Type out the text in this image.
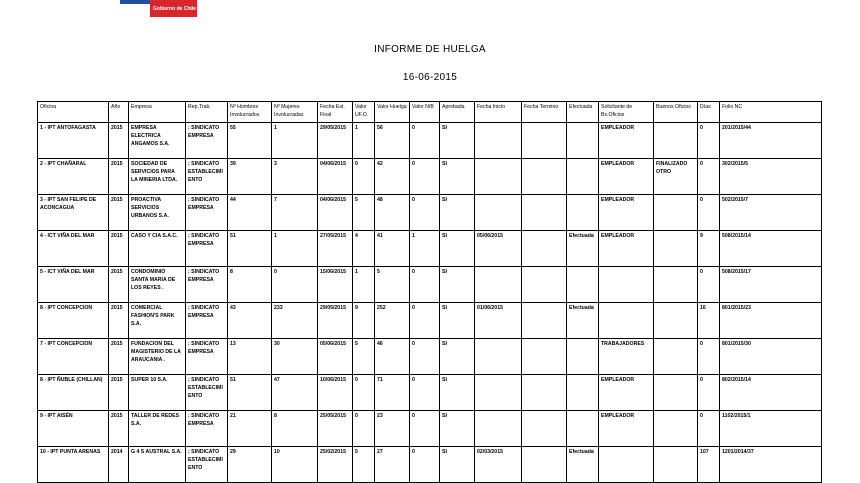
Gobierno de Chile
INFORME DE HUELGA
16-06-2015
Oficina	Año	Empresa	Rep.Trab.	Nº Hombres Involucrados	Nº Mujeres Involucradas	Fecha Est. Final	Valor UF.O.	Valor Huelga	Valor N/B	Aprobada	Fecha Inicio	Fecha Termino	Efectuada	Solicitante de Bs.Oficios	Buenos Oficios	Días	Folio NC
1 - IPT ANTOFAGASTA	2015	EMPRESA ELECTRICA ANGAMOS S.A.	; SINDICATO EMPRESA	55	1	29/05/2015	1	56	0	SI				EMPLEADOR		0	201/2015/44
2 - IPT CHAÑARAL	2015	SOCIEDAD DE SERVICIOS PARA LA MINERIA LTDA.	; SINDICATO ESTABLECIMIENTO	39	3	04/06/2015	0	42	0	SI				EMPLEADOR	FINALIZADO OTRO	0	302/2015/5
3 - IPT SAN FELIPE DE ACONCAGUA	2015	PROACTIVA SERVICIOS URBANOS S.A.	; SINDICATO EMPRESA	44	7	04/06/2015	5	48	0	SI				EMPLEADOR		0	502/2015/7
4 - ICT VIÑA DEL MAR	2015	CASO Y CIA S.A.C.	; SINDICATO EMPRESA	51	1	27/05/2015	4	41	1	SI	05/06/2015		Efectuada	EMPLEADOR		9	508/2015/14
5 - ICT VIÑA DEL MAR	2015	CONDOMINIO SANTA MARIA DE LOS REYES .	; SINDICATO EMPRESA	8	0	15/06/2015	1	5	0	SI						0	508/2015/17
8 - IPT CONCEPCION	2015	COMERCIAL FASHION'S PARK S.A.	; SINDICATO EMPRESA	43	233	29/05/2015	9	252	0	SI	01/06/2015		Efectuada			16	801/2015/23
7 - IPT CONCEPCION	2015	FUNDACION DEL MAGISTERIO DE LA ARAUCANIA .	; SINDICATO EMPRESA	13	30	05/06/2015	5	46	0	SI				TRABAJADORES		0	801/2015/30
8 - IPT ÑUBLE (CHILLAN)	2015	SUPER 10 S.A.	; SINDICATO ESTABLECIMIENTO	51	47	10/06/2015	0	71	0	SI				EMPLEADOR		0	802/2015/14
9 - IPT AISÉN	2015	TALLER DE REDES S.A.	; SINDICATO EMPRESA	21	8	25/05/2015	0	23	0	SI				EMPLEADOR		0	1102/2015/1
10 - IPT PUNTA ARENAS	2014	G 4 S AUSTRAL S.A.	; SINDICATO ESTABLECIMIENTO	29	10	25/02/2015	5	27	0	SI	02/03/2015		Efectuada			107	1201/2014/37
